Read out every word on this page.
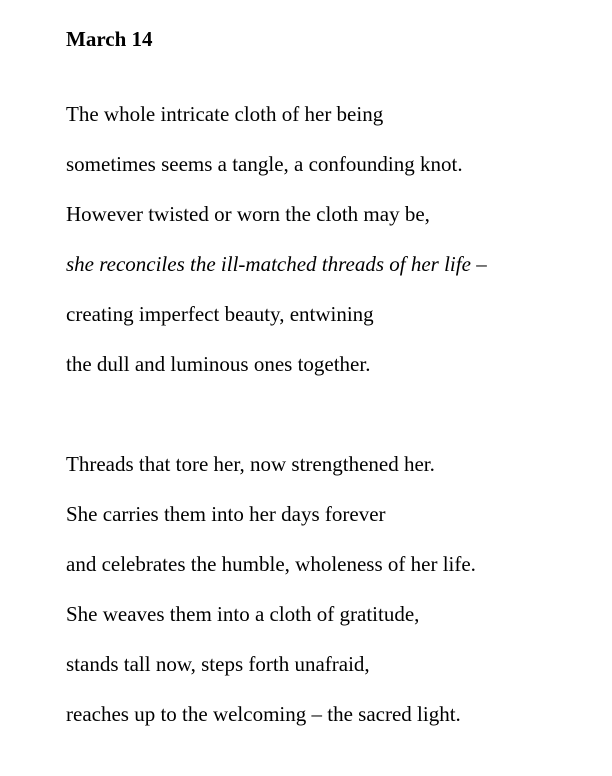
March 14
The whole intricate cloth of her being
sometimes seems a tangle, a confounding knot.
However twisted or worn the cloth may be,
she reconciles the ill-matched threads of her life –
creating imperfect beauty, entwining
the dull and luminous ones together.
Threads that tore her, now strengthened her.
She carries them into her days forever
and celebrates the humble, wholeness of her life.
She weaves them into a cloth of gratitude,
stands tall now, steps forth unafraid,
reaches up to the welcoming – the sacred light.
